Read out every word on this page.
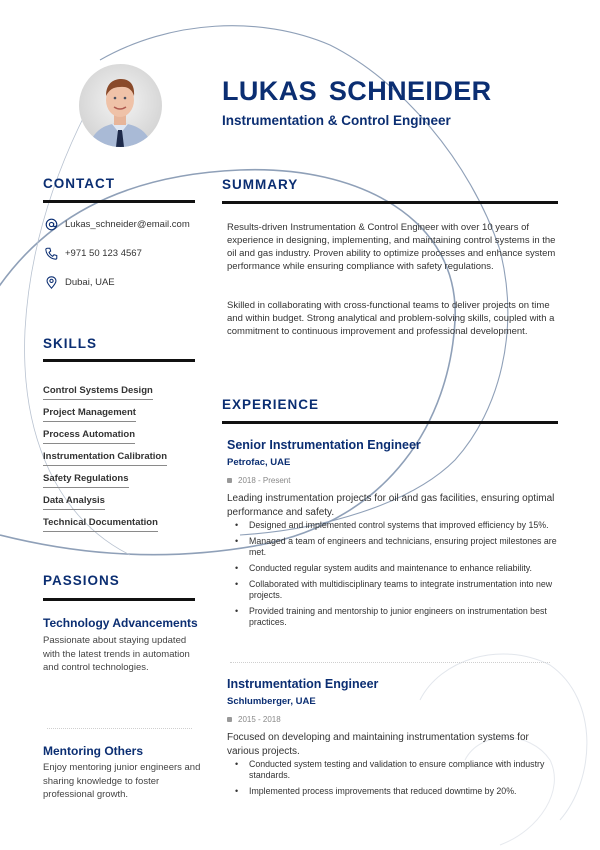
LUKAS SCHNEIDER
Instrumentation & Control Engineer
CONTACT
Lukas_schneider@email.com
+971 50 123 4567
Dubai, UAE
SKILLS
Control Systems Design
Project Management
Process Automation
Instrumentation Calibration
Safety Regulations
Data Analysis
Technical Documentation
PASSIONS
Technology Advancements
Passionate about staying updated with the latest trends in automation and control technologies.
Mentoring Others
Enjoy mentoring junior engineers and sharing knowledge to foster professional growth.
SUMMARY
Results-driven Instrumentation & Control Engineer with over 10 years of experience in designing, implementing, and maintaining control systems in the oil and gas industry. Proven ability to optimize processes and enhance system performance while ensuring compliance with safety regulations.
Skilled in collaborating with cross-functional teams to deliver projects on time and within budget. Strong analytical and problem-solving skills, coupled with a commitment to continuous improvement and professional development.
EXPERIENCE
Senior Instrumentation Engineer
Petrofac, UAE
2018 - Present
Leading instrumentation projects for oil and gas facilities, ensuring optimal performance and safety.
• Designed and implemented control systems that improved efficiency by 15%.
• Managed a team of engineers and technicians, ensuring project milestones are met.
• Conducted regular system audits and maintenance to enhance reliability.
• Collaborated with multidisciplinary teams to integrate instrumentation into new projects.
• Provided training and mentorship to junior engineers on instrumentation best practices.
Instrumentation Engineer
Schlumberger, UAE
2015 - 2018
Focused on developing and maintaining instrumentation systems for various projects.
• Conducted system testing and validation to ensure compliance with industry standards.
• Implemented process improvements that reduced downtime by 20%.
